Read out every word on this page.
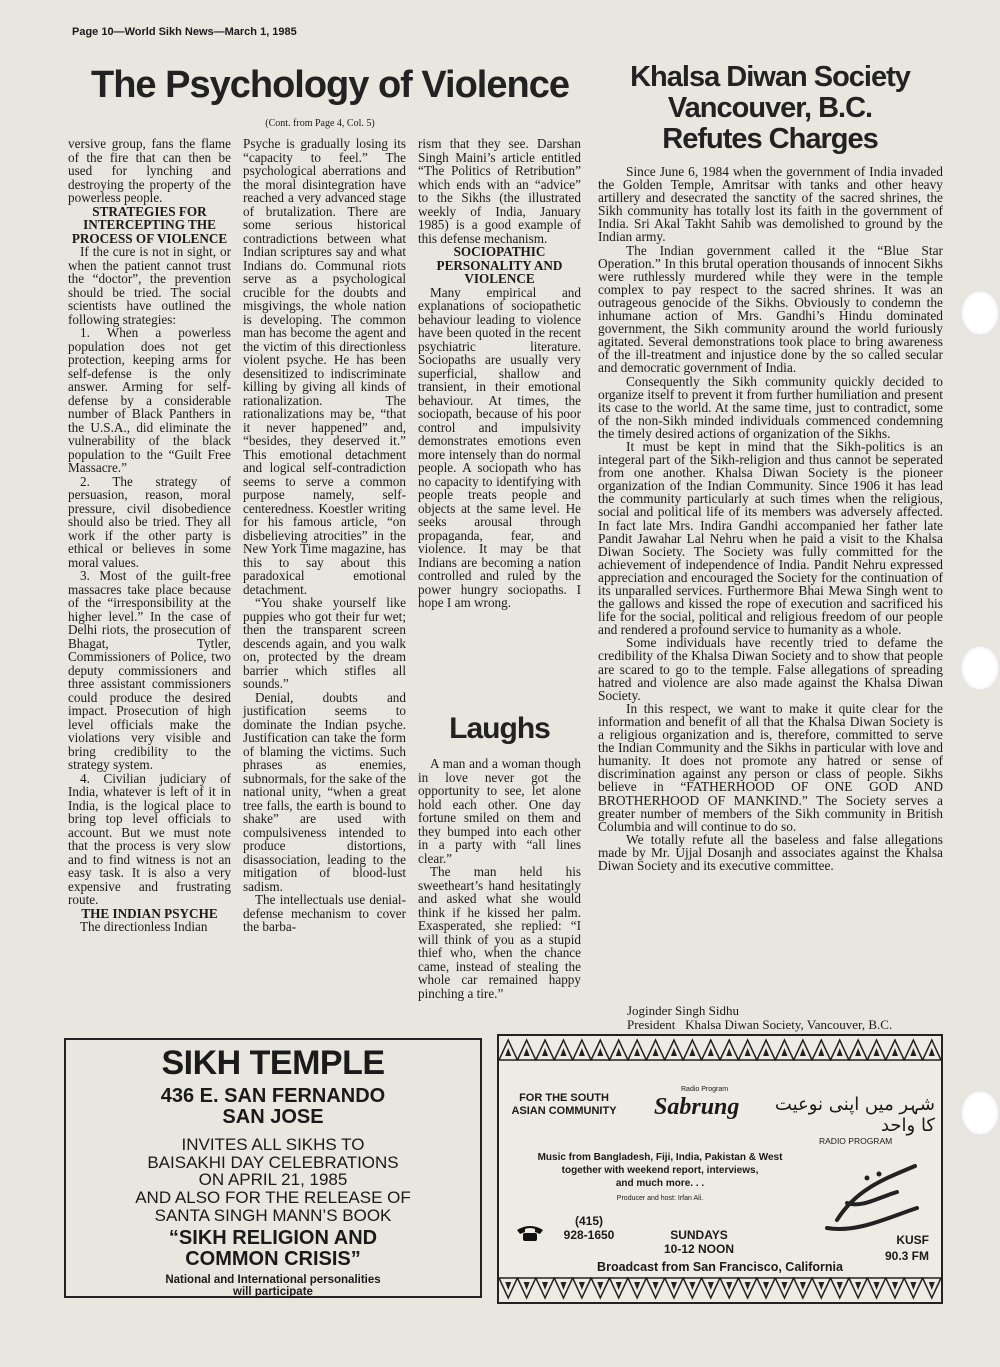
Page 10—World Sikh News—March 1, 1985
The Psychology of Violence
(Cont. from Page 4, Col. 5)

versive group, fans the flame of the fire that can then be used for lynching and destroying the property of the powerless people.

STRATEGIES FOR INTERCEPTING THE PROCESS OF VIOLENCE

If the cure is not in sight, or when the patient cannot trust the “doctor”, the prevention should be tried. The social scientists have outlined the following strategies:

1. When a powerless population does not get protection, keeping arms for self-defense is the only answer. Arming for self-defense by a considerable number of Black Panthers in the U.S.A., did eliminate the vulnerability of the black population to the “Guilt Free Massacre.”

2. The strategy of persuasion, reason, moral pressure, civil disobedience should also be tried. They all work if the other party is ethical or believes in some moral values.

3. Most of the guilt-free massacres take place because of the “irresponsibility at the higher level.” In the case of Delhi riots, the prosecution of Bhagat, Tytler, Commissioners of Police, two deputy commissioners and three assistant commissioners could produce the desired impact. Prosecution of high level officials make the violations very visible and bring credibility to the strategy system.

4. Civilian judiciary of India, whatever is left of it in India, is the logical place to bring top level officials to account. But we must note that the process is very slow and to find witness is not an easy task. It is also a very expensive and frustrating route.

THE INDIAN PSYCHE

The directionless Indian

Psyche is gradually losing its “capacity to feel.” The psychological aberrations and the moral disintegration have reached a very advanced stage of brutalization. There are some serious historical contradictions between what Indian scriptures say and what Indians do. Communal riots serve as a psychological crucible for the doubts and misgivings, the whole nation is developing. The common man has become the agent and the victim of this directionless violent psyche. He has been desensitized to indiscriminate killing by giving all kinds of rationalization. The rationalizations may be, “that it never happened” and, “besides, they deserved it.” This emotional detachment and logical self-contradiction seems to serve a common purpose namely, self-centeredness. Koestler writing for his famous article, “on disbelieving atrocities” in the New York Time magazine, has this to say about this paradoxical emotional detachment.

“You shake yourself like puppies who got their fur wet; then the transparent screen descends again, and you walk on, protected by the dream barrier which stifles all sounds.”

Denial, doubts and justification seems to dominate the Indian psyche. Justification can take the form of blaming the victims. Such phrases as enemies, subnormals, for the sake of the national unity, “when a great tree falls, the earth is bound to shake” are used with compulsiveness intended to produce distortions, disassociation, leading to the mitigation of blood-lust sadism.

The intellectuals use denial-defense mechanism to cover the barba-

rism that they see. Darshan Singh Maini’s article entitled “The Politics of Retribution” which ends with an “advice” to the Sikhs (the illustrated weekly of India, January 1985) is a good example of this defense mechanism.

SOCIOPATHIC PERSONALITY AND VIOLENCE

Many empirical and explanations of sociopathetic behaviour leading to violence have been quoted in the recent psychiatric literature. Sociopaths are usually very superficial, shallow and transient, in their emotional behaviour. At times, the sociopath, because of his poor control and impulsivity demonstrates emotions even more intensely than do normal people. A sociopath who has no capacity to identifying with people treats people and objects at the same level. He seeks arousal through propaganda, fear, and violence. It may be that Indians are becoming a nation controlled and ruled by the power hungry sociopaths. I hope I am wrong.

Laughs

A man and a woman though in love never got the opportunity to see, let alone hold each other. One day fortune smiled on them and they bumped into each other in a party with “all lines clear.”

The man held his sweetheart’s hand hesitatingly and asked what she would think if he kissed her palm. Exasperated, she replied: “I will think of you as a stupid thief who, when the chance came, instead of stealing the whole car remained happy pinching a tire.”

Khalsa Diwan Society
Vancouver, B.C.
Refutes Charges

Since June 6, 1984 when the government of India invaded the Golden Temple, Amritsar with tanks and other heavy artillery and desecrated the sanctity of the sacred shrines, the Sikh community has totally lost its faith in the government of India. Sri Akal Takht Sahib was demolished to ground by the Indian army.

The Indian government called it the “Blue Star Operation.” In this brutal operation thousands of innocent Sikhs were ruthlessly murdered while they were in the temple complex to pay respect to the sacred shrines. It was an outrageous genocide of the Sikhs. Obviously to condemn the inhumane action of Mrs. Gandhi’s Hindu dominated government, the Sikh community around the world furiously agitated. Several demonstrations took place to bring awareness of the ill-treatment and injustice done by the so called secular and democratic government of India.

Consequently the Sikh community quickly decided to organize itself to prevent it from further humiliation and present its case to the world. At the same time, just to contradict, some of the non-Sikh minded individuals commenced condemning the timely desired actions of organization of the Sikhs.

It must be kept in mind that the Sikh-politics is an integeral part of the Sikh-religion and thus cannot be seperated from one another. Khalsa Diwan Society is the pioneer organization of the Indian Community. Since 1906 it has lead the community particularly at such times when the religious, social and political life of its members was adversely affected. In fact late Mrs. Indira Gandhi accompanied her father late Pandit Jawahar Lal Nehru when he paid a visit to the Khalsa Diwan Society. The Society was fully committed for the achievement of independence of India. Pandit Nehru expressed appreciation and encouraged the Society for the continuation of its unparalled services. Furthermore Bhai Mewa Singh went to the gallows and kissed the rope of execution and sacrificed his life for the social, political and religious freedom of our people and rendered a profound service to humanity as a whole.

Some individuals have recently tried to defame the credibility of the Khalsa Diwan Society and to show that people are scared to go to the temple. False allegations of spreading hatred and violence are also made against the Khalsa Diwan Society.

In this respect, we want to make it quite clear for the information and benefit of all that the Khalsa Diwan Society is a religious organization and is, therefore, committed to serve the Indian Community and the Sikhs in particular with love and humanity. It does not promote any hatred or sense of discrimination against any person or class of people. Sikhs believe in “FATHERHOOD OF ONE GOD AND BROTHERHOOD OF MANKIND.” The Society serves a greater number of members of the Sikh community in British Columbia and will continue to do so.

We totally refute all the baseless and false allegations made by Mr. Ujjal Dosanjh and associates against the Khalsa Diwan Society and its executive committee.

Joginder Singh Sidhu
President   Khalsa Diwan Society, Vancouver, B.C.
SIKH TEMPLE
436 E. SAN FERNANDO
SAN JOSE
INVITES ALL SIKHS TO
BAISAKHI DAY CELEBRATIONS
ON APRIL 21, 1985
AND ALSO FOR THE RELEASE OF
SANTA SINGH MANN’S BOOK
“SIKH RELIGION AND
COMMON CRISIS”
National and International personalities
will participate
FOR THE SOUTH
ASIAN COMMUNITY
Radio Program
Sabrung	شہر میں اپنی نوعیت کا واحد
RADIO PROGRAM
Music from Bangladesh, Fiji, India, Pakistan & West
together with weekend report, interviews,
and much more. . .
Producer and host: Irfan Ali.
(415)
928-1650	SUNDAYS
10-12 NOON
KUSF
90.3 FM
Broadcast from San Francisco, California
